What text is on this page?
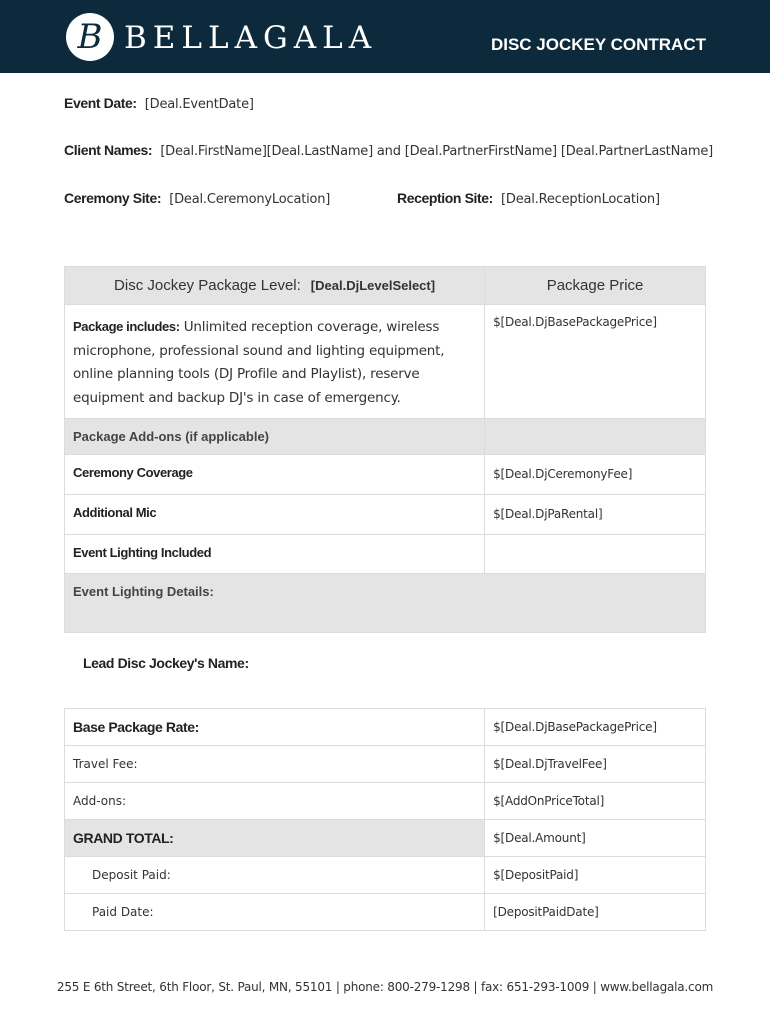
B BELLAGALA	DISC JOCKEY CONTRACT
Event Date: [Deal.EventDate]
Client Names: [Deal.FirstName][Deal.LastName] and [Deal.PartnerFirstName] [Deal.PartnerLastName]
Ceremony Site: [Deal.CeremonyLocation]	Reception Site: [Deal.ReceptionLocation]
Disc Jockey Package Level: [Deal.DjLevelSelect]	Package Price
Package includes: Unlimited reception coverage, wireless microphone, professional sound and lighting equipment, online planning tools (DJ Profile and Playlist), reserve equipment and backup DJ's in case of emergency.	$[Deal.DjBasePackagePrice]
Package Add-ons (if applicable)	
Ceremony Coverage	$[Deal.DjCeremonyFee]
Additional Mic	$[Deal.DjPaRental]
Event Lighting Included	
Event Lighting Details:	
Lead Disc Jockey's Name:
Base Package Rate:	$[Deal.DjBasePackagePrice]
Travel Fee:	$[Deal.DjTravelFee]
Add-ons:	$[AddOnPriceTotal]
GRAND TOTAL:	$[Deal.Amount]
Deposit Paid:	$[DepositPaid]
Paid Date:	[DepositPaidDate]
255 E 6th Street, 6th Floor, St. Paul, MN, 55101 | phone: 800-279-1298 | fax: 651-293-1009 | www.bellagala.com
